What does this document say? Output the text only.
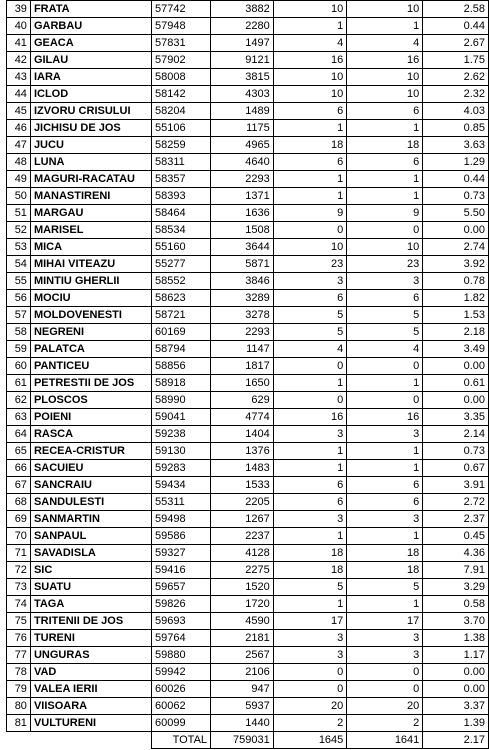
39	FRATA	57742	3882	10	10	2.58
40	GARBAU	57948	2280	1	1	0.44
41	GEACA	57831	1497	4	4	2.67
42	GILAU	57902	9121	16	16	1.75
43	IARA	58008	3815	10	10	2.62
44	ICLOD	58142	4303	10	10	2.32
45	IZVORU CRISULUI	58204	1489	6	6	4.03
46	JICHISU DE JOS	55106	1175	1	1	0.85
47	JUCU	58259	4965	18	18	3.63
48	LUNA	58311	4640	6	6	1.29
49	MAGURI-RACATAU	58357	2293	1	1	0.44
50	MANASTIRENI	58393	1371	1	1	0.73
51	MARGAU	58464	1636	9	9	5.50
52	MARISEL	58534	1508	0	0	0.00
53	MICA	55160	3644	10	10	2.74
54	MIHAI VITEAZU	55277	5871	23	23	3.92
55	MINTIU GHERLII	58552	3846	3	3	0.78
56	MOCIU	58623	3289	6	6	1.82
57	MOLDOVENESTI	58721	3278	5	5	1.53
58	NEGRENI	60169	2293	5	5	2.18
59	PALATCA	58794	1147	4	4	3.49
60	PANTICEU	58856	1817	0	0	0.00
61	PETRESTII DE JOS	58918	1650	1	1	0.61
62	PLOSCOS	58990	629	0	0	0.00
63	POIENI	59041	4774	16	16	3.35
64	RASCA	59238	1404	3	3	2.14
65	RECEA-CRISTUR	59130	1376	1	1	0.73
66	SACUIEU	59283	1483	1	1	0.67
67	SANCRAIU	59434	1533	6	6	3.91
68	SANDULESTI	55311	2205	6	6	2.72
69	SANMARTIN	59498	1267	3	3	2.37
70	SANPAUL	59586	2237	1	1	0.45
71	SAVADISLA	59327	4128	18	18	4.36
72	SIC	59416	2275	18	18	7.91
73	SUATU	59657	1520	5	5	3.29
74	TAGA	59826	1720	1	1	0.58
75	TRITENII DE JOS	59693	4590	17	17	3.70
76	TURENI	59764	2181	3	3	1.38
77	UNGURAS	59880	2567	3	3	1.17
78	VAD	59942	2106	0	0	0.00
79	VALEA IERII	60026	947	0	0	0.00
80	VIISOARA	60062	5937	20	20	3.37
81	VULTURENI	60099	1440	2	2	1.39
		TOTAL	759031	1645	1641	2.17
